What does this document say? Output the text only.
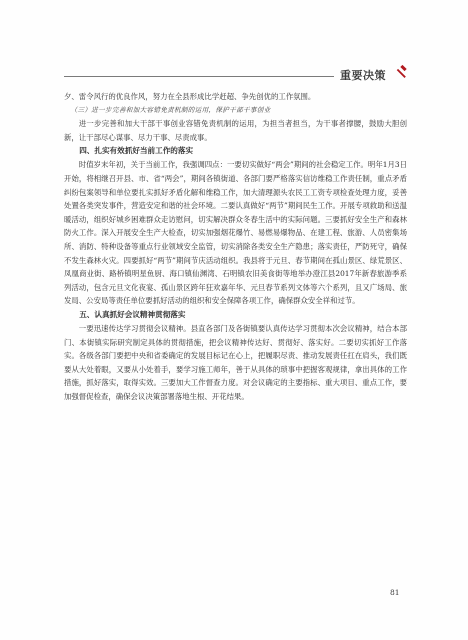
重要决策

夕、雷令风行的优良作风，努力在全县形成比学赶超、争先创优的工作氛围。

（三）进一步完善和加大容错免责机制的运用，保护干部干事创业

进一步完善和加大干部干事创业容错免责机制的运用，为担当者担当，为干事者撑腰，鼓励大胆创新，让干部尽心谋事、尽力干事、尽责成事。

四、扎实有效抓好当前工作的落实

时值岁末年初，关于当前工作，我强调四点：一要切实做好“两会”期间的社会稳定工作。明年1月3日开始，将相继召开县、市、省“两会”，期间各镇街道、各部门要严格落实信访维稳工作责任制，重点矛盾纠纷包案领导和单位要扎实抓好矛盾化解和维稳工作，加大清理源头农民工工资专项检查处理力度，妥善处置各类突发事件，营造安定和谐的社会环境。二要认真做好“两节”期间民生工作。开展专项救助和送温暖活动，组织好城乡困难群众走访慰问，切实解决群众冬春生活中的实际问题。三要抓好安全生产和森林防火工作。深入开展安全生产大检查，切实加强烟花爆竹、易燃易爆物品、在建工程、旅游、人员密集场所、消防、特种设备等重点行业领域安全监管，切实消除各类安全生产隐患；落实责任，严防死守，确保不发生森林火灾。四要抓好“两节”期间节庆活动组织。我县将于元旦、春节期间在孤山景区、绿荒景区、凤凰商业街、路桥镇明星鱼厨、海口镇仙渊湾、石明镇农旧美食街等地举办澄江县2017年新春旅游季系列活动，包含元旦文化夜宴、孤山景区跨年狂欢嘉年华、元旦春节系列文体等六个系列，且又广场局、旅发局、公安局等责任单位要抓好活动的组织和安全保障各项工作，确保群众安全祥和过节。

五、认真抓好会议精神贯彻落实

一要迅速传达学习贯彻会议精神。县直各部门及各街镇要认真传达学习贯彻本次会议精神，结合本部门、本街镇实际研究制定具体的贯彻措施，把会议精神传达好、贯彻好、落实好。二要切实抓好工作落实。各级各部门要把中央和省委确定的发展目标记在心上，把履职尽责、推动发展责任扛在肩头，我们既要从大处着眼，又要从小处着手，要学习施工师年，善于从具体的琐事中把握客观规律，拿出具体的工作措施，抓好落实，取得实效。三要加大工作督查力度。对会议确定的主要指标、重大项目、重点工作，要加强督促检查，确保会议决策部署落地生根、开花结果。

81
